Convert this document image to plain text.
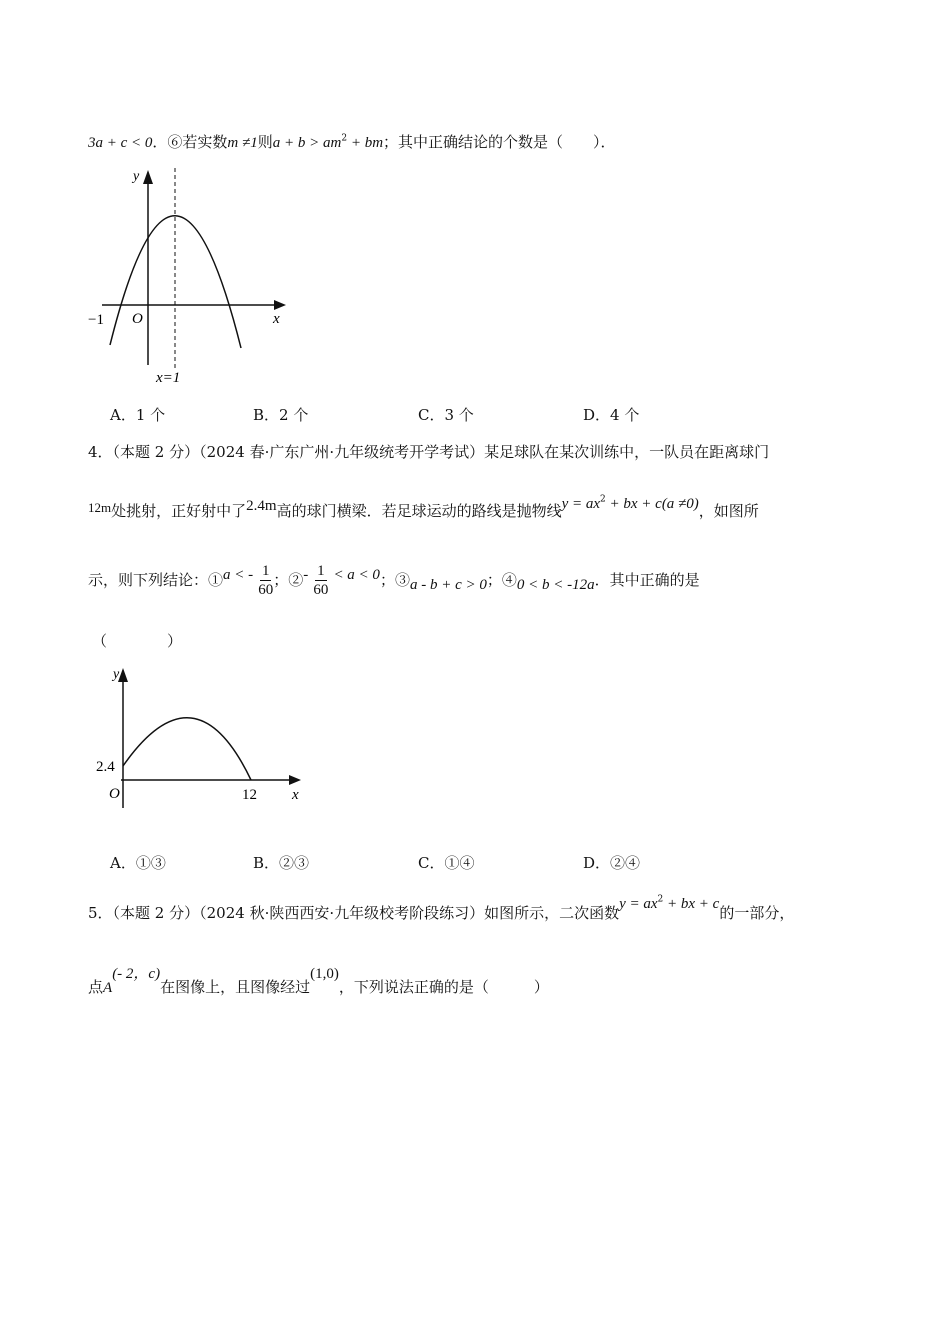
3a + c < 0．⑥若实数m ≠1则$a + b > am^2$ + bm；其中正确结论的个数是（　　）．
y
x
O
−1
x=1
A．1 个	B．2 个	C．3 个	D．4 个
4．（本题 2 分）（2024 春·广东广州·九年级统考开学考试）某足球队在某次训练中，一队员在距离球门
$^{12m}$处挑射，正好射中了2.4m高的球门横梁．若足球运动的路线是抛物线$y = ax^2$ + bx + c(a ≠0)，如图所
示，则下列结论：①a < - $\frac{1}{60}$ ；②- $\frac{1}{60} < a < 0$；③a - b + c > 0；④0 < b < -12a．其中正确的是
（　　　　）
y
x
O
2.4
12
A．①③	B．②③	C．①④	D．②④
5．（本题 2 分）（2024 秋·陕西西安·九年级校考阶段练习）如图所示，二次函数$y = ax^2$ + bx + c的一部分，
点A(- 2，c)在图像上，且图像经过(1,0)，下列说法正确的是（　　　）
